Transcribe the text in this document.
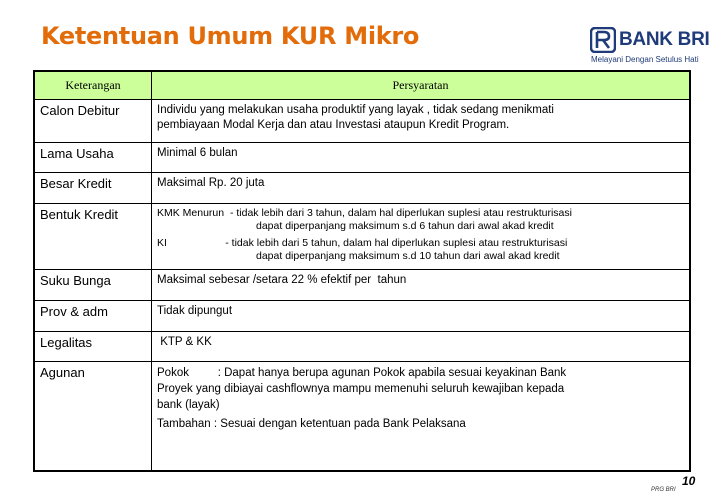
Ketentuan Umum KUR Mikro	BANK BRI
Melayani Dengan Setulus Hati
Keterangan	Persyaratan
Calon Debitur	Individu yang melakukan usaha produktif yang layak , tidak sedang menikmati
pembiayaan Modal Kerja dan atau Investasi ataupun Kredit Program.

Lama Usaha	Minimal 6 bulan

Besar Kredit	Maksimal Rp. 20 juta

Bentuk Kredit	KMK Menurun  - tidak lebih dari 3 tahun, dalam hal diperlukan suplesi atau restrukturisasi
dapat diperpanjang maksimum s.d 6 tahun dari awal akad kredit
KI                    - tidak lebih dari 5 tahun, dalam hal diperlukan suplesi atau restrukturisasi
dapat diperpanjang maksimum s.d 10 tahun dari awal akad kredit

Suku Bunga	Maksimal sebesar /setara 22 % efektif per  tahun

Prov & adm	Tidak dipungut

Legalitas	KTP & KK

Agunan	Pokok         : Dapat hanya berupa agunan Pokok apabila sesuai keyakinan Bank
Proyek yang dibiayai cashflownya mampu memenuhi seluruh kewajiban kepada
bank (layak)
Tambahan : Sesuai dengan ketentuan pada Bank Pelaksana
10
PRG BRI
